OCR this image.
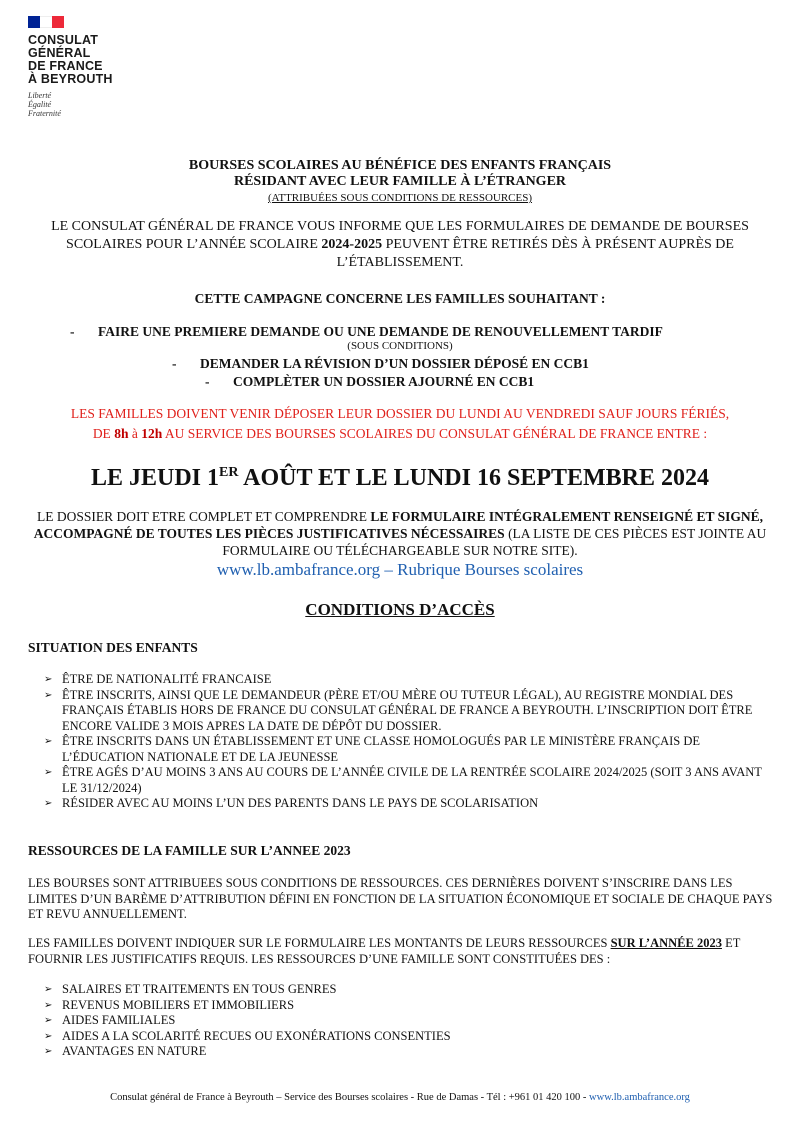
CONSULAT
GÉNÉRAL
DE FRANCE
À BEYROUTH
Liberté
Égalité
Fraternité
BOURSES SCOLAIRES AU BÉNÉFICE DES ENFANTS FRANÇAIS
RÉSIDANT AVEC LEUR FAMILLE À L’ÉTRANGER
(ATTRIBUÉES SOUS CONDITIONS DE RESSOURCES)
LE CONSULAT GÉNÉRAL DE FRANCE VOUS INFORME QUE LES FORMULAIRES DE DEMANDE DE BOURSES SCOLAIRES POUR L’ANNÉE SCOLAIRE 2024-2025 PEUVENT ÊTRE RETIRÉS DÈS À PRÉSENT AUPRÈS DE L’ÉTABLISSEMENT.
CETTE CAMPAGNE CONCERNE LES FAMILLES SOUHAITANT :
- FAIRE UNE PREMIERE DEMANDE OU UNE DEMANDE DE RENOUVELLEMENT TARDIF
(SOUS CONDITIONS)
- DEMANDER LA RÉVISION D’UN DOSSIER DÉPOSÉ EN CCB1
- COMPLÈTER UN DOSSIER AJOURNÉ EN CCB1
LES FAMILLES DOIVENT VENIR DÉPOSER LEUR DOSSIER DU LUNDI AU VENDREDI SAUF JOURS FÉRIÉS,
DE 8h à 12h AU SERVICE DES BOURSES SCOLAIRES DU CONSULAT GÉNÉRAL DE FRANCE ENTRE :
LE JEUDI 1ER AOÛT ET LE LUNDI 16 SEPTEMBRE 2024
LE DOSSIER DOIT ETRE COMPLET ET COMPRENDRE LE FORMULAIRE INTÉGRALEMENT RENSEIGNÉ ET SIGNÉ, ACCOMPAGNÉ DE TOUTES LES PIÈCES JUSTIFICATIVES NÉCESSAIRES (LA LISTE DE CES PIÈCES EST JOINTE AU FORMULAIRE OU TÉLÉCHARGEABLE SUR NOTRE SITE).
www.lb.ambafrance.org – Rubrique Bourses scolaires
CONDITIONS D’ACCÈS
SITUATION DES ENFANTS
➢ ÊTRE DE NATIONALITÉ FRANCAISE
➢ ÊTRE INSCRITS, AINSI QUE LE DEMANDEUR (PÈRE ET/OU MÈRE OU TUTEUR LÉGAL), AU REGISTRE MONDIAL DES FRANÇAIS ÉTABLIS HORS DE FRANCE DU CONSULAT GÉNÉRAL DE FRANCE A BEYROUTH. L’INSCRIPTION DOIT ÊTRE ENCORE VALIDE 3 MOIS APRES LA DATE DE DÉPÔT DU DOSSIER.
➢ ÊTRE INSCRITS DANS UN ÉTABLISSEMENT ET UNE CLASSE HOMOLOGUÉS PAR LE MINISTÈRE FRANÇAIS DE L’ÉDUCATION NATIONALE ET DE LA JEUNESSE
➢ ÊTRE AGÉS D’AU MOINS 3 ANS AU COURS DE L’ANNÉE CIVILE DE LA RENTRÉE SCOLAIRE 2024/2025 (SOIT 3 ANS AVANT LE 31/12/2024)
➢ RÉSIDER AVEC AU MOINS L’UN DES PARENTS DANS LE PAYS DE SCOLARISATION
RESSOURCES DE LA FAMILLE SUR L’ANNEE 2023
LES BOURSES SONT ATTRIBUEES SOUS CONDITIONS DE RESSOURCES. CES DERNIÈRES DOIVENT S’INSCRIRE DANS LES LIMITES D’UN BARÈME D’ATTRIBUTION DÉFINI EN FONCTION DE LA SITUATION ÉCONOMIQUE ET SOCIALE DE CHAQUE PAYS ET REVU ANNUELLEMENT.
LES FAMILLES DOIVENT INDIQUER SUR LE FORMULAIRE LES MONTANTS DE LEURS RESSOURCES SUR L’ANNÉE 2023 ET FOURNIR LES JUSTIFICATIFS REQUIS. LES RESSOURCES D’UNE FAMILLE SONT CONSTITUÉES DES :
➢ SALAIRES ET TRAITEMENTS EN TOUS GENRES
➢ REVENUS MOBILIERS ET IMMOBILIERS
➢ AIDES FAMILIALES
➢ AIDES A LA SCOLARITÉ RECUES OU EXONÉRATIONS CONSENTIES
➢ AVANTAGES EN NATURE
Consulat général de France à Beyrouth – Service des Bourses scolaires - Rue de Damas - Tél : +961 01 420 100 - www.lb.ambafrance.org
